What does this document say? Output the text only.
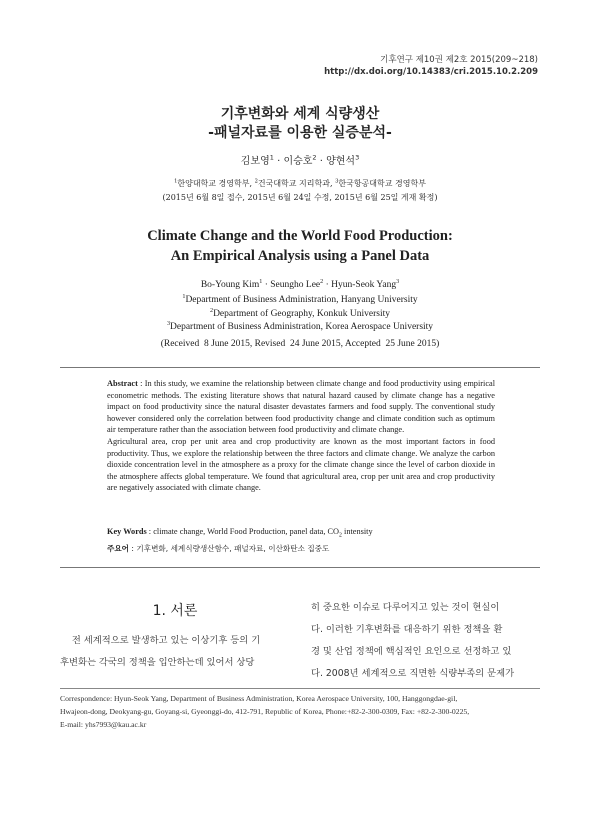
기후연구 제10권 제2호 2015(209~218)
http://dx.doi.org/10.14383/cri.2015.10.2.209
기후변화와 세계 식량생산
-패널자료를 이용한 실증분석-
김보영$^1$ · 이승호$^2$ · 양현석$^3$
$^1$한양대학교 경영학부, $^2$건국대학교 지리학과, $^3$한국항공대학교 경영학부
(2015년 6월 8일 접수, 2015년 6월 24일 수정, 2015년 6월 25일 게재 확정)
Climate Change and the World Food Production:
An Empirical Analysis using a Panel Data
Bo-Young Kim$^1$ · Seungho Lee$^2$ · Hyun-Seok Yang$^3$
$^1$Department of Business Administration, Hanyang University
$^2$Department of Geography, Konkuk University
$^3$Department of Business Administration, Korea Aerospace University
(Received  8 June 2015, Revised  24 June 2015, Accepted  25 June 2015)

Abstract : In this study, we examine the relationship between climate change and food productivity using empirical econometric methods. The existing literature shows that natural hazard caused by climate change has a negative impact on food productivity since the natural disaster devastates farmers and food supply. The conventional study however considered only the correlation between food productivity change and climate condition such as optimum air temperature rather than the association between food productivity and climate change.

Agricultural area, crop per unit area and crop productivity are known as the most important factors in food productivity. Thus, we explore the relationship between the three factors and climate change. We analyze the carbon dioxide concentration level in the atmosphere as a proxy for the climate change since the level of carbon dioxide in the atmosphere affects global temperature. We found that agricultural area, crop per unit area and crop productivity are negatively associated with climate change.

Key Words : climate change, World Food Production, panel data, $CO_2$ intensity
주요어 : 기후변화, 세계식량생산함수, 패널자료, 이산화탄소 집중도
1. 서론
전 세계적으로 발생하고 있는 이상기후 등의 기
후변화는 각국의 정책을 입안하는데 있어서 상당
히 중요한 이슈로 다루어지고 있는 것이 현실이
다. 이러한 기후변화를 대응하기 위한 정책을 환
경 및 산업 정책에 핵심적인 요인으로 선정하고 있
다. 2008년 세계적으로 직면한 식량부족의 문제가
Correspondence: Hyun-Seok Yang, Department of Business Administration, Korea Aerospace University, 100, Hanggongdae-gil,
Hwajeon-dong, Deokyang-gu, Goyang-si, Gyeonggi-do, 412-791, Republic of Korea, Phone:+82-2-300-0309, Fax: +82-2-300-0225,
E-mail: yhs7993@kau.ac.kr
